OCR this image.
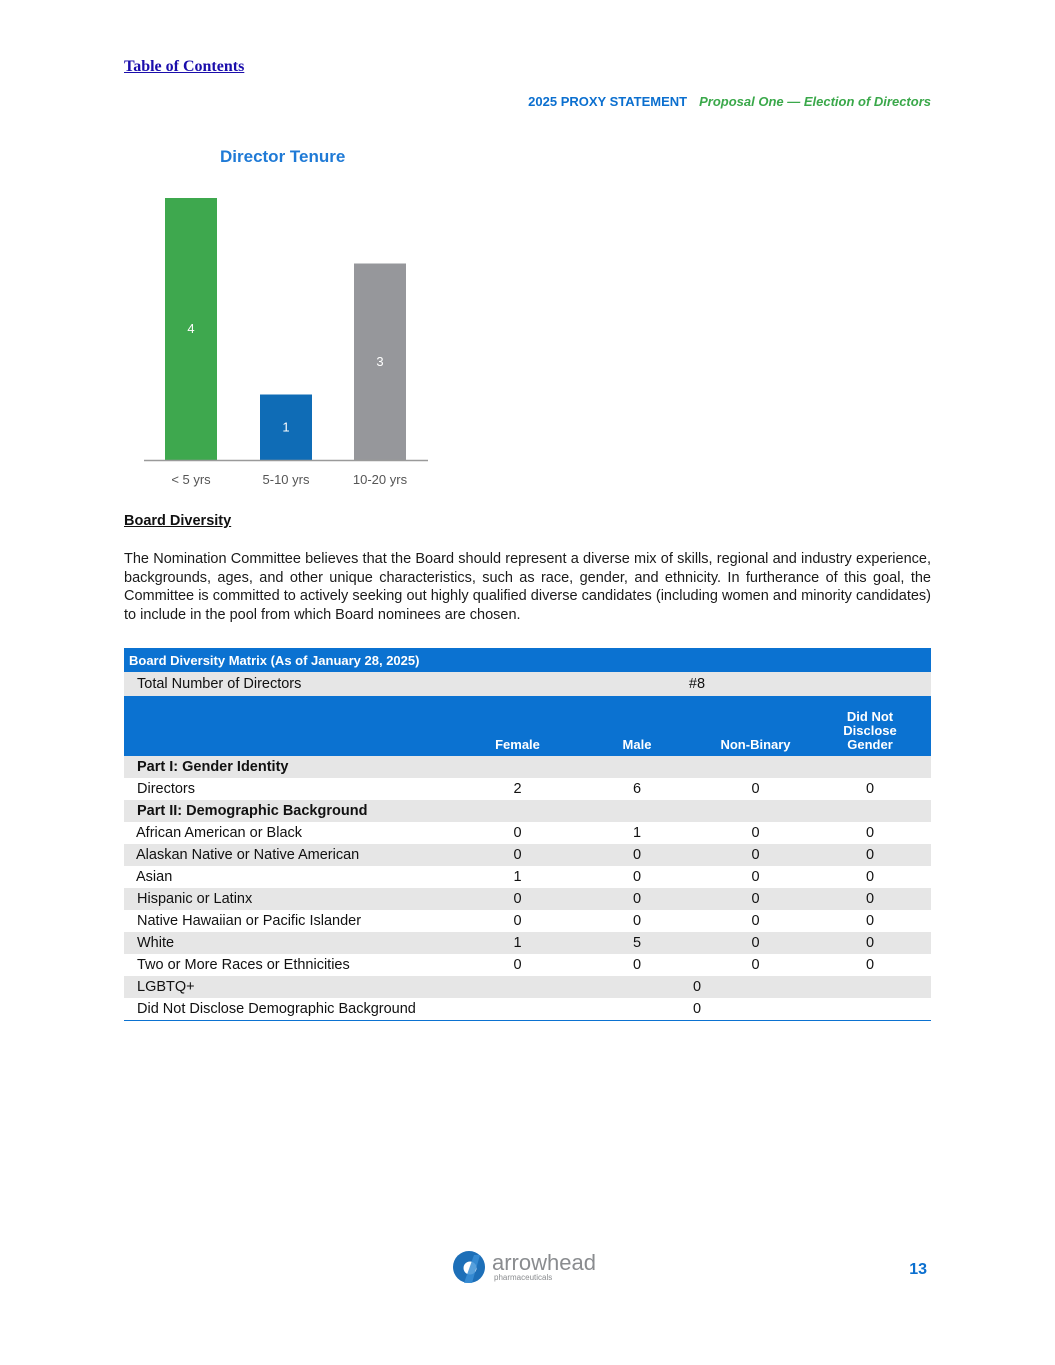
Table of Contents
2025 PROXY STATEMENT Proposal One — Election of Directors
Director Tenure
4
< 5 yrs
1
5-10 yrs
3
10-20 yrs
Board Diversity

The Nomination Committee believes that the Board should represent a diverse mix of skills, regional and industry experience, backgrounds, ages, and other unique characteristics, such as race, gender, and ethnicity. In furtherance of this goal, the Committee is committed to actively seeking out highly qualified diverse candidates (including women and minority candidates) to include in the pool from which Board nominees are chosen.

Board Diversity Matrix (As of January 28, 2025)				
Total Number of Directors	#8			
	Female	Male	Non-Binary	Did Not Disclose Gender
Part I: Gender Identity				
Directors	2	6	0	0
Part II: Demographic Background				
African American or Black	0	1	0	0
Alaskan Native or Native American	0	0	0	0
Asian	1	0	0	0
Hispanic or Latinx	0	0	0	0
Native Hawaiian or Pacific Islander	0	0	0	0
White	1	5	0	0
Two or More Races or Ethnicities	0	0	0	0
LGBTQ+	0			
Did Not Disclose Demographic Background	0			
arrowhead
pharmaceuticals	13
